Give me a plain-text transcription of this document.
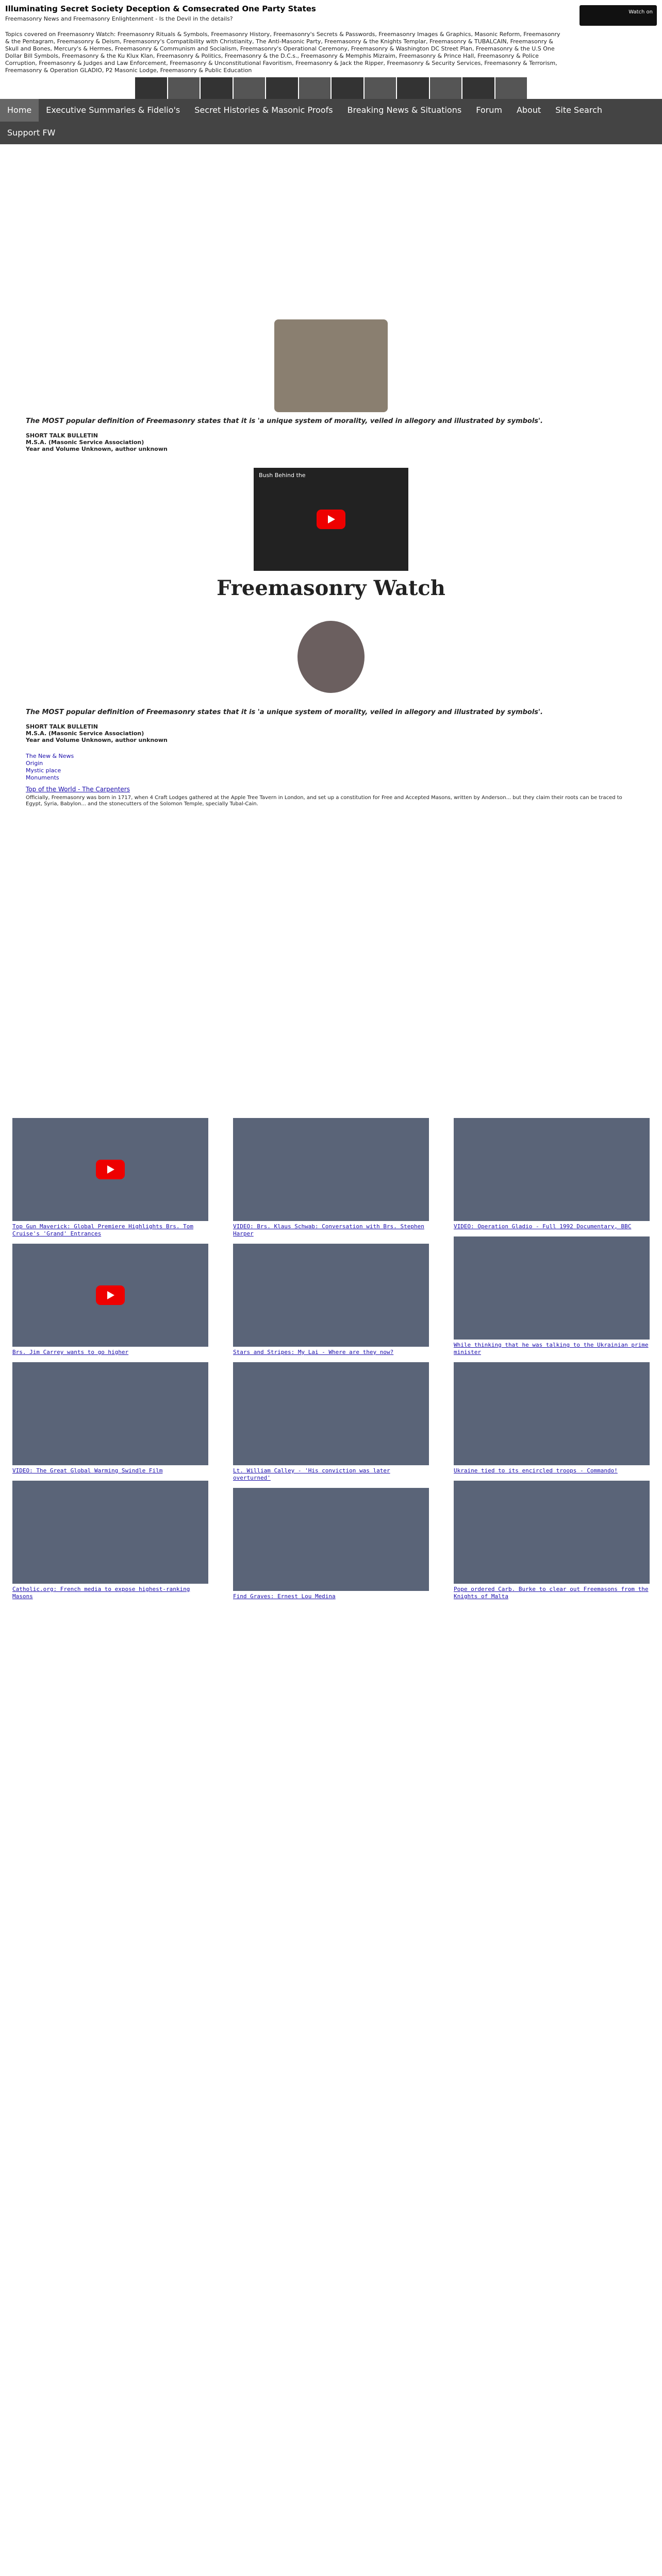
Illuminating Secret Society Deception & Comsecrated One Party States
Freemasonry News and Freemasonry Enlightenment - Is the Devil in the details?
Watch on
Topics covered on Freemasonry Watch: Freemasonry Rituals & Symbols, Freemasonry History, Freemasonry's Secrets & Passwords, Freemasonry Images & Graphics, Masonic Reform, Freemasonry & the Pentagram, Freemasonry & Deism, Freemasonry's Compatibility with Christianity, The Anti-Masonic Party, Freemasonry & the Knights Templar, Freemasonry & TUBALCAIN, Freemasonry & Skull and Bones, Mercury's & Hermes, Freemasonry & Communism and Socialism, Freemasonry's Operational Ceremony, Freemasonry & Washington DC Street Plan, Freemasonry & the U.S One Dollar Bill Symbols, Freemasonry & the Ku Klux Klan, Freemasonry & Politics, Freemasonry & the D.C.s., Freemasonry & Memphis Mizraim, Freemasonry & Prince Hall, Freemasonry & Police Corruption, Freemasonry & Judges and Law Enforcement, Freemasonry & Unconstitutional Favoritism, Freemasonry & Jack the Ripper, Freemasonry & Security Services, Freemasonry & Terrorism, Freemasonry & Operation GLADIO, P2 Masonic Lodge, Freemasonry & Public Education
Home	Executive Summaries & Fidelio's	Secret Histories & Masonic Proofs	Breaking News & Situations	Forum	About	Site Search
Support FW
The MOST popular definition of Freemasonry states that it is 'a unique system of morality, veiled in allegory and illustrated by symbols'.
SHORT TALK BULLETIN
M.S.A. (Masonic Service Association)
Year and Volume Unknown, author unknown
Bush Behind the
Freemasonry Watch
The MOST popular definition of Freemasonry states that it is 'a unique system of morality, veiled in allegory and illustrated by symbols'.
SHORT TALK BULLETIN
M.S.A. (Masonic Service Association)
Year and Volume Unknown, author unknown
The New & News
Origin
Mystic place
Monuments
Top of the World - The Carpenters

Officially, Freemasonry was born in 1717, when 4 Craft Lodges gathered at the Apple Tree Tavern in London, and set up a constitution for Free and Accepted Masons, written by Anderson... but they claim their roots can be traced to Egypt, Syria, Babylon... and the stonecutters of the Solomon Temple, specially Tubal-Cain.

Top Gun Maverick: Global Premiere Highlights Brs. Tom Cruise's 'Grand' Entrances
Brs. Jim Carrey wants to go higher
VIDEO: The Great Global Warming Swindle Film
Catholic.org: French media to expose highest-ranking Masons
VIDEO: Brs. Klaus Schwab: Conversation with Brs. Stephen Harper
Stars and Stripes: My Lai - Where are they now?
Lt. William Calley - 'His conviction was later overturned'
Find Graves: Ernest Lou Medina
VIDEO: Operation Gladio - Full 1992 Documentary, BBC
While thinking that he was talking to the Ukrainian prime minister
Ukraine tied to its encircled troops - Commando!
Pope ordered Carb. Burke to clear out Freemasons from the Knights of Malta
